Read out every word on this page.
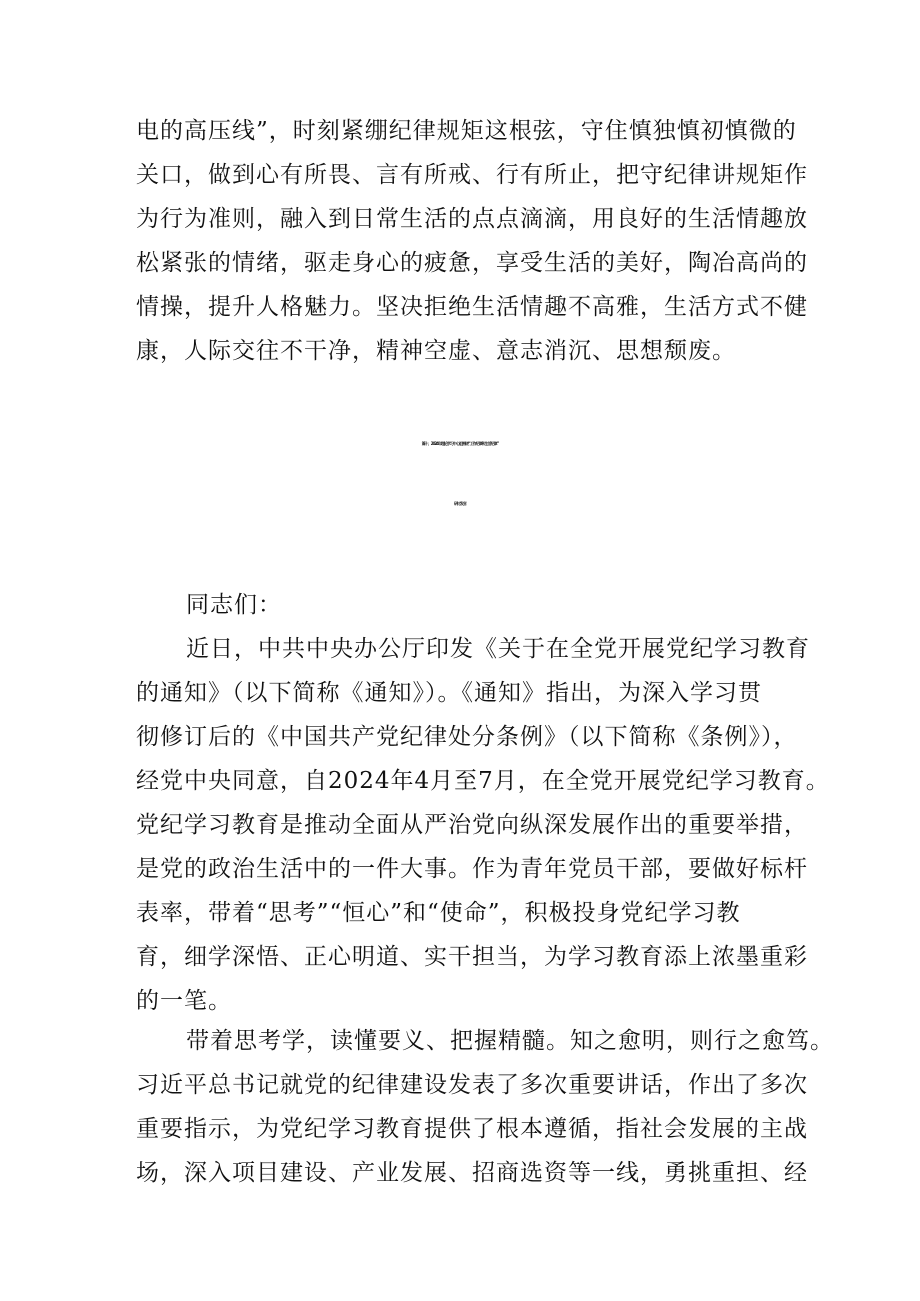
电的高压线”，时刻紧绷纪律规矩这根弦，守住慎独慎初慎微的
关口，做到心有所畏、言有所戒、行有所止，把守纪律讲规矩作
为行为准则，融入到日常生活的点点滴滴，用良好的生活情趣放
松紧张的情绪，驱走身心的疲惫，享受生活的美好，陶冶高尚的
情操，提升人格魅力。坚决拒绝生活情趣不高雅，生活方式不健
康，人际交往不干净，精神空虚、意志消沉、思想颓废。
篇十、2024年理论学习中心组围绕“工作纪律和生活纪律”
研讨发言
同志们：
近日，中共中央办公厅印发《关于在全党开展党纪学习教育
的通知》（以下简称《通知》）。《通知》指出，为深入学习贯
彻修订后的《中国共产党纪律处分条例》（以下简称《条例》），
经党中央同意，自2024年4月至7月，在全党开展党纪学习教育。
党纪学习教育是推动全面从严治党向纵深发展作出的重要举措，
是党的政治生活中的一件大事。作为青年党员干部，要做好标杆
表率，带着“思考”“恒心”和“使命”，积极投身党纪学习教
育，细学深悟、正心明道、实干担当，为学习教育添上浓墨重彩
的一笔。
带着思考学，读懂要义、把握精髓。知之愈明，则行之愈笃。
习近平总书记就党的纪律建设发表了多次重要讲话，作出了多次
重要指示，为党纪学习教育提供了根本遵循，指社会发展的主战
场，深入项目建设、产业发展、招商选资等一线，勇挑重担、经
